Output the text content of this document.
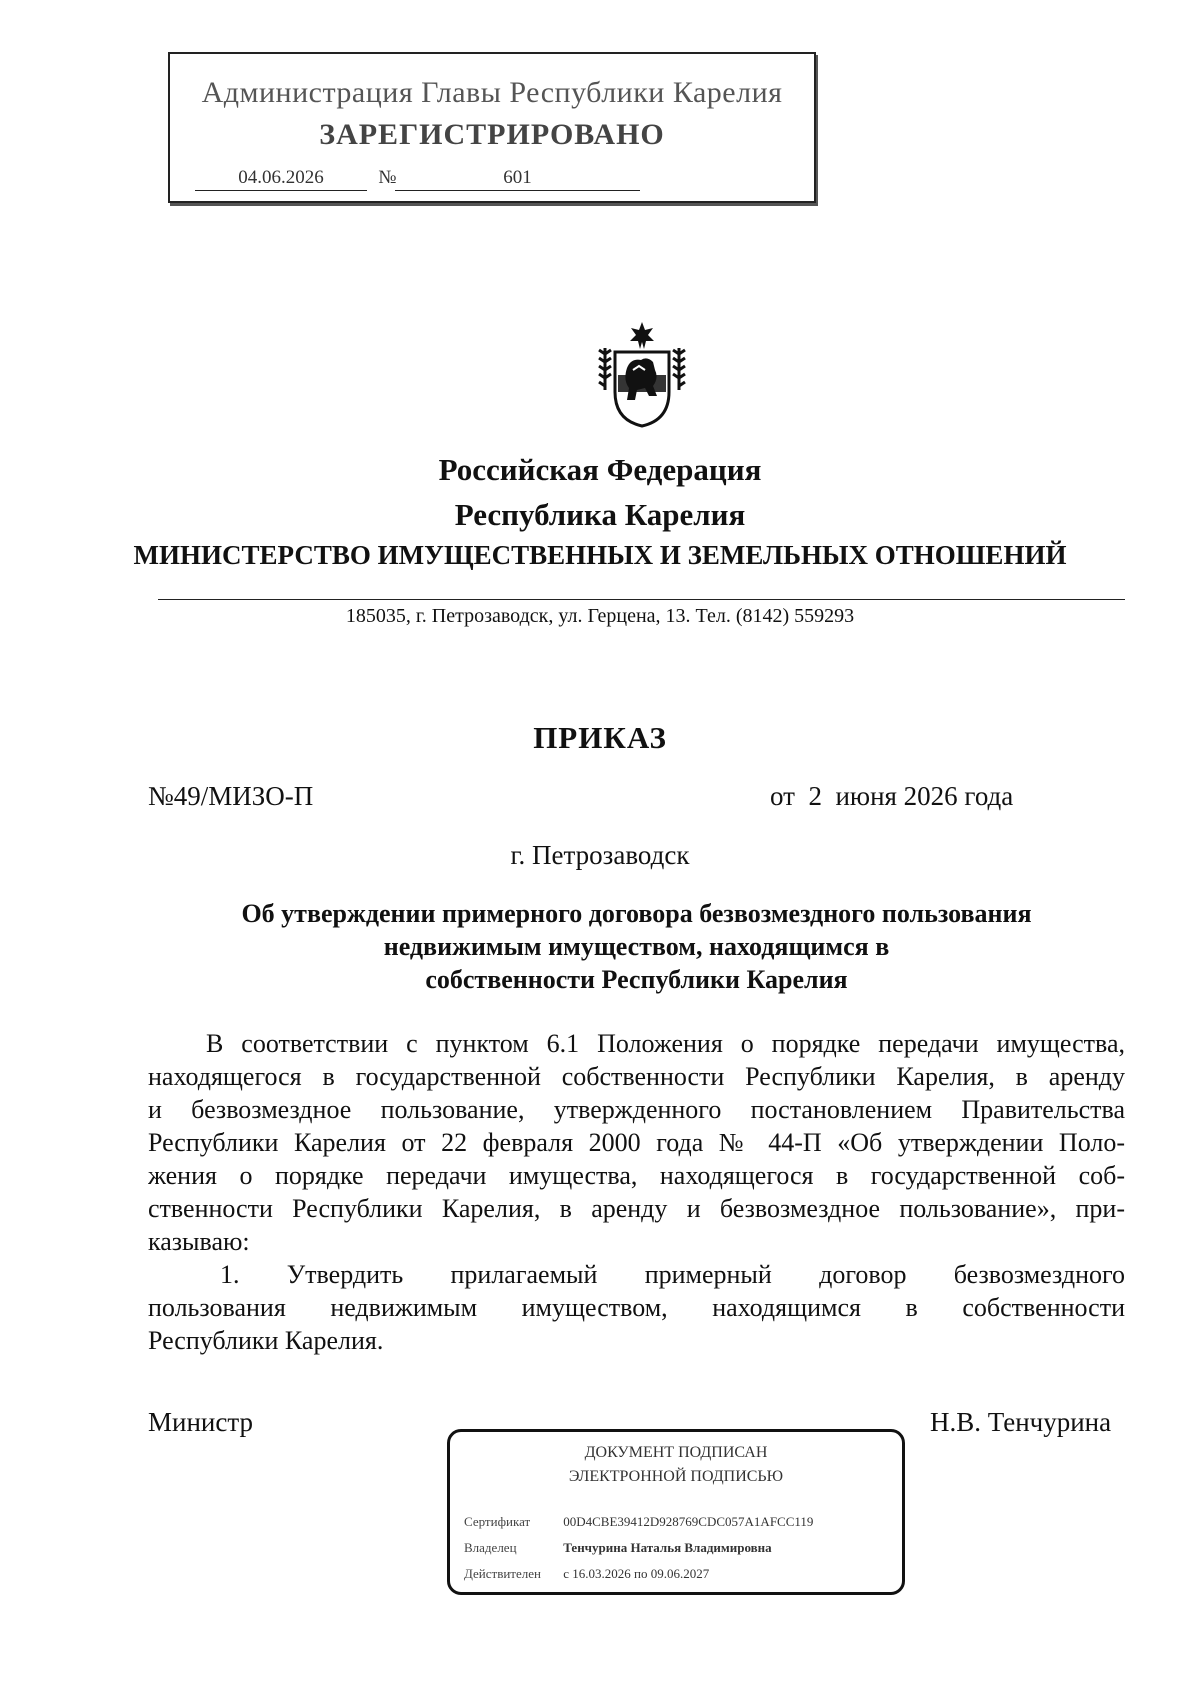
Администрация Главы Республики Карелия
ЗАРЕГИСТРИРОВАНО
04.06.2026	№	601
Российская Федерация
Республика Карелия
МИНИСТЕРСТВО ИМУЩЕСТВЕННЫХ И ЗЕМЕЛЬНЫХ ОТНОШЕНИЙ
185035, г. Петрозаводск, ул. Герцена, 13. Тел. (8142) 559293
ПРИКАЗ
№49/МИЗО-П	от  2  июня 2026 года
г. Петрозаводск
Об утверждении примерного договора безвозмездного пользования
недвижимым имуществом, находящимся в
собственности Республики Карелия
В соответствии с пунктом 6.1 Положения о порядке передачи имущества,
находящегося в государственной собственности Республики Карелия, в аренду
и безвозмездное пользование, утвержденного постановлением Правительства
Республики Карелия от 22 февраля 2000 года № 44-П «Об утверждении Поло-
жения о порядке передачи имущества, находящегося в государственной соб-
ственности Республики Карелия, в аренду и безвозмездное пользование», при-
казываю:
1. Утвердить прилагаемый примерный договор безвозмездного
пользования недвижимым имуществом, находящимся в собственности
Республики Карелия.
Министр	Н.В. Тенчурина
ДОКУМЕНТ ПОДПИСАН
ЭЛЕКТРОННОЙ ПОДПИСЬЮ
Сертификат	00D4CBE39412D928769CDC057A1AFCC119
Владелец	Тенчурина Наталья Владимировна
Действителен с 16.03.2026 по 09.06.2027
